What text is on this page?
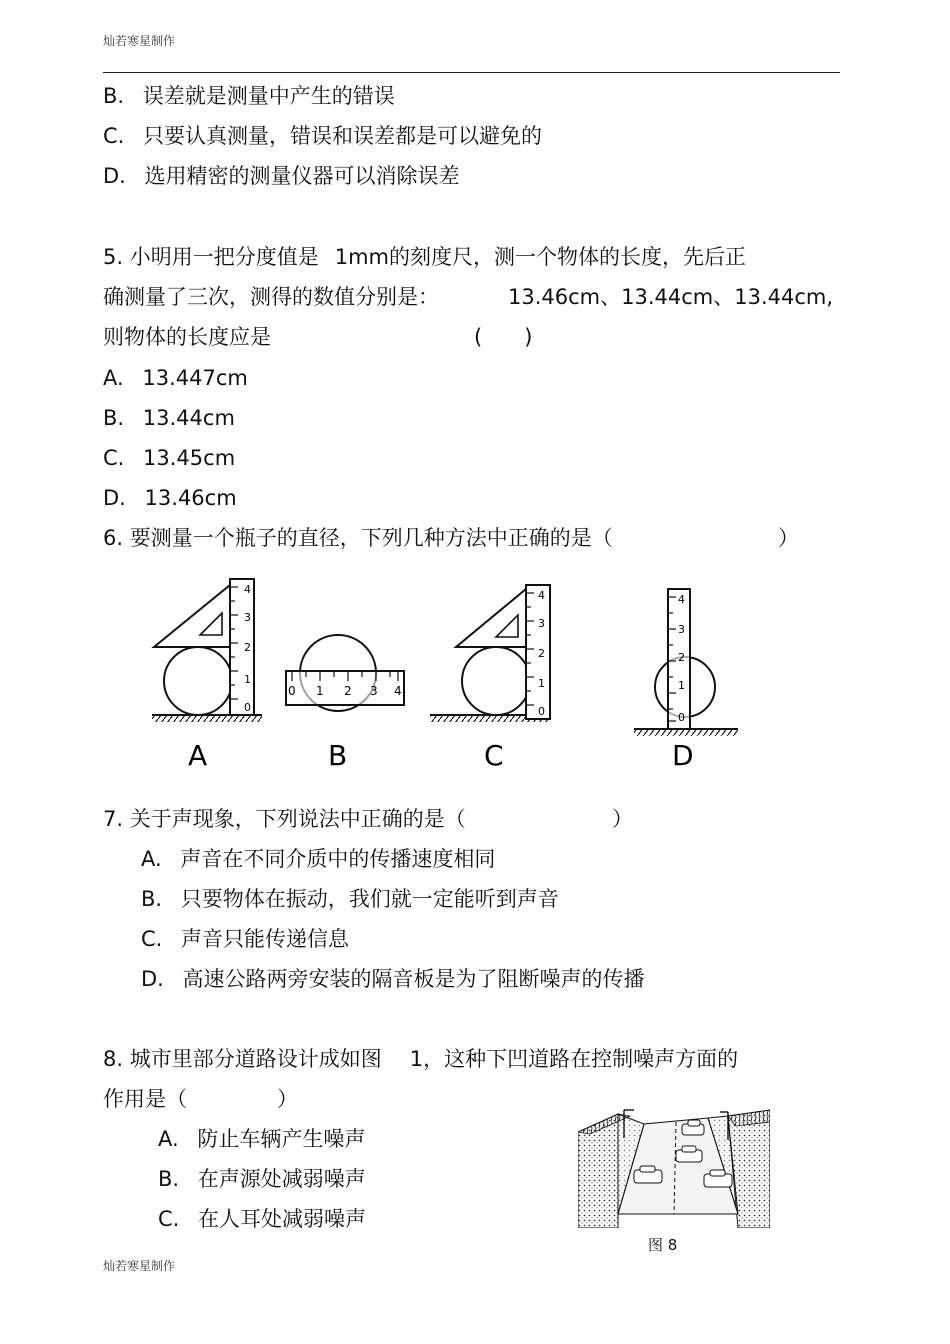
灿若寒星制作
B. 误差就是测量中产生的错误
C. 只要认真测量，错误和误差都是可以避免的
D. 选用精密的测量仪器可以消除误差
5. 小明用一把分度值是 1mm的刻度尺，测一个物体的长度，先后正
确测量了三次，测得的数值分别是：	13.46cm、13.44cm、13.44cm,
则物体的长度应是	(　　)
A. 13.447cm
B. 13.44cm
C. 13.45cm
D. 13.46cm
6. 要测量一个瓶子的直径，下列几种方法中正确的是（	）
0
1
2
3
4
A
0 1 2 3 4
B
0
1
2
3
4
C
0
1
2
3
4
D
7. 关于声现象，下列说法中正确的是（	）
A. 声音在不同介质中的传播速度相同
B. 只要物体在振动，我们就一定能听到声音
C. 声音只能传递信息
D. 高速公路两旁安装的隔音板是为了阻断噪声的传播
8. 城市里部分道路设计成如图 1，这种下凹道路在控制噪声方面的
作用是（	）
A. 防止车辆产生噪声
B. 在声源处减弱噪声
C. 在人耳处减弱噪声
图 8
灿若寒星制作
